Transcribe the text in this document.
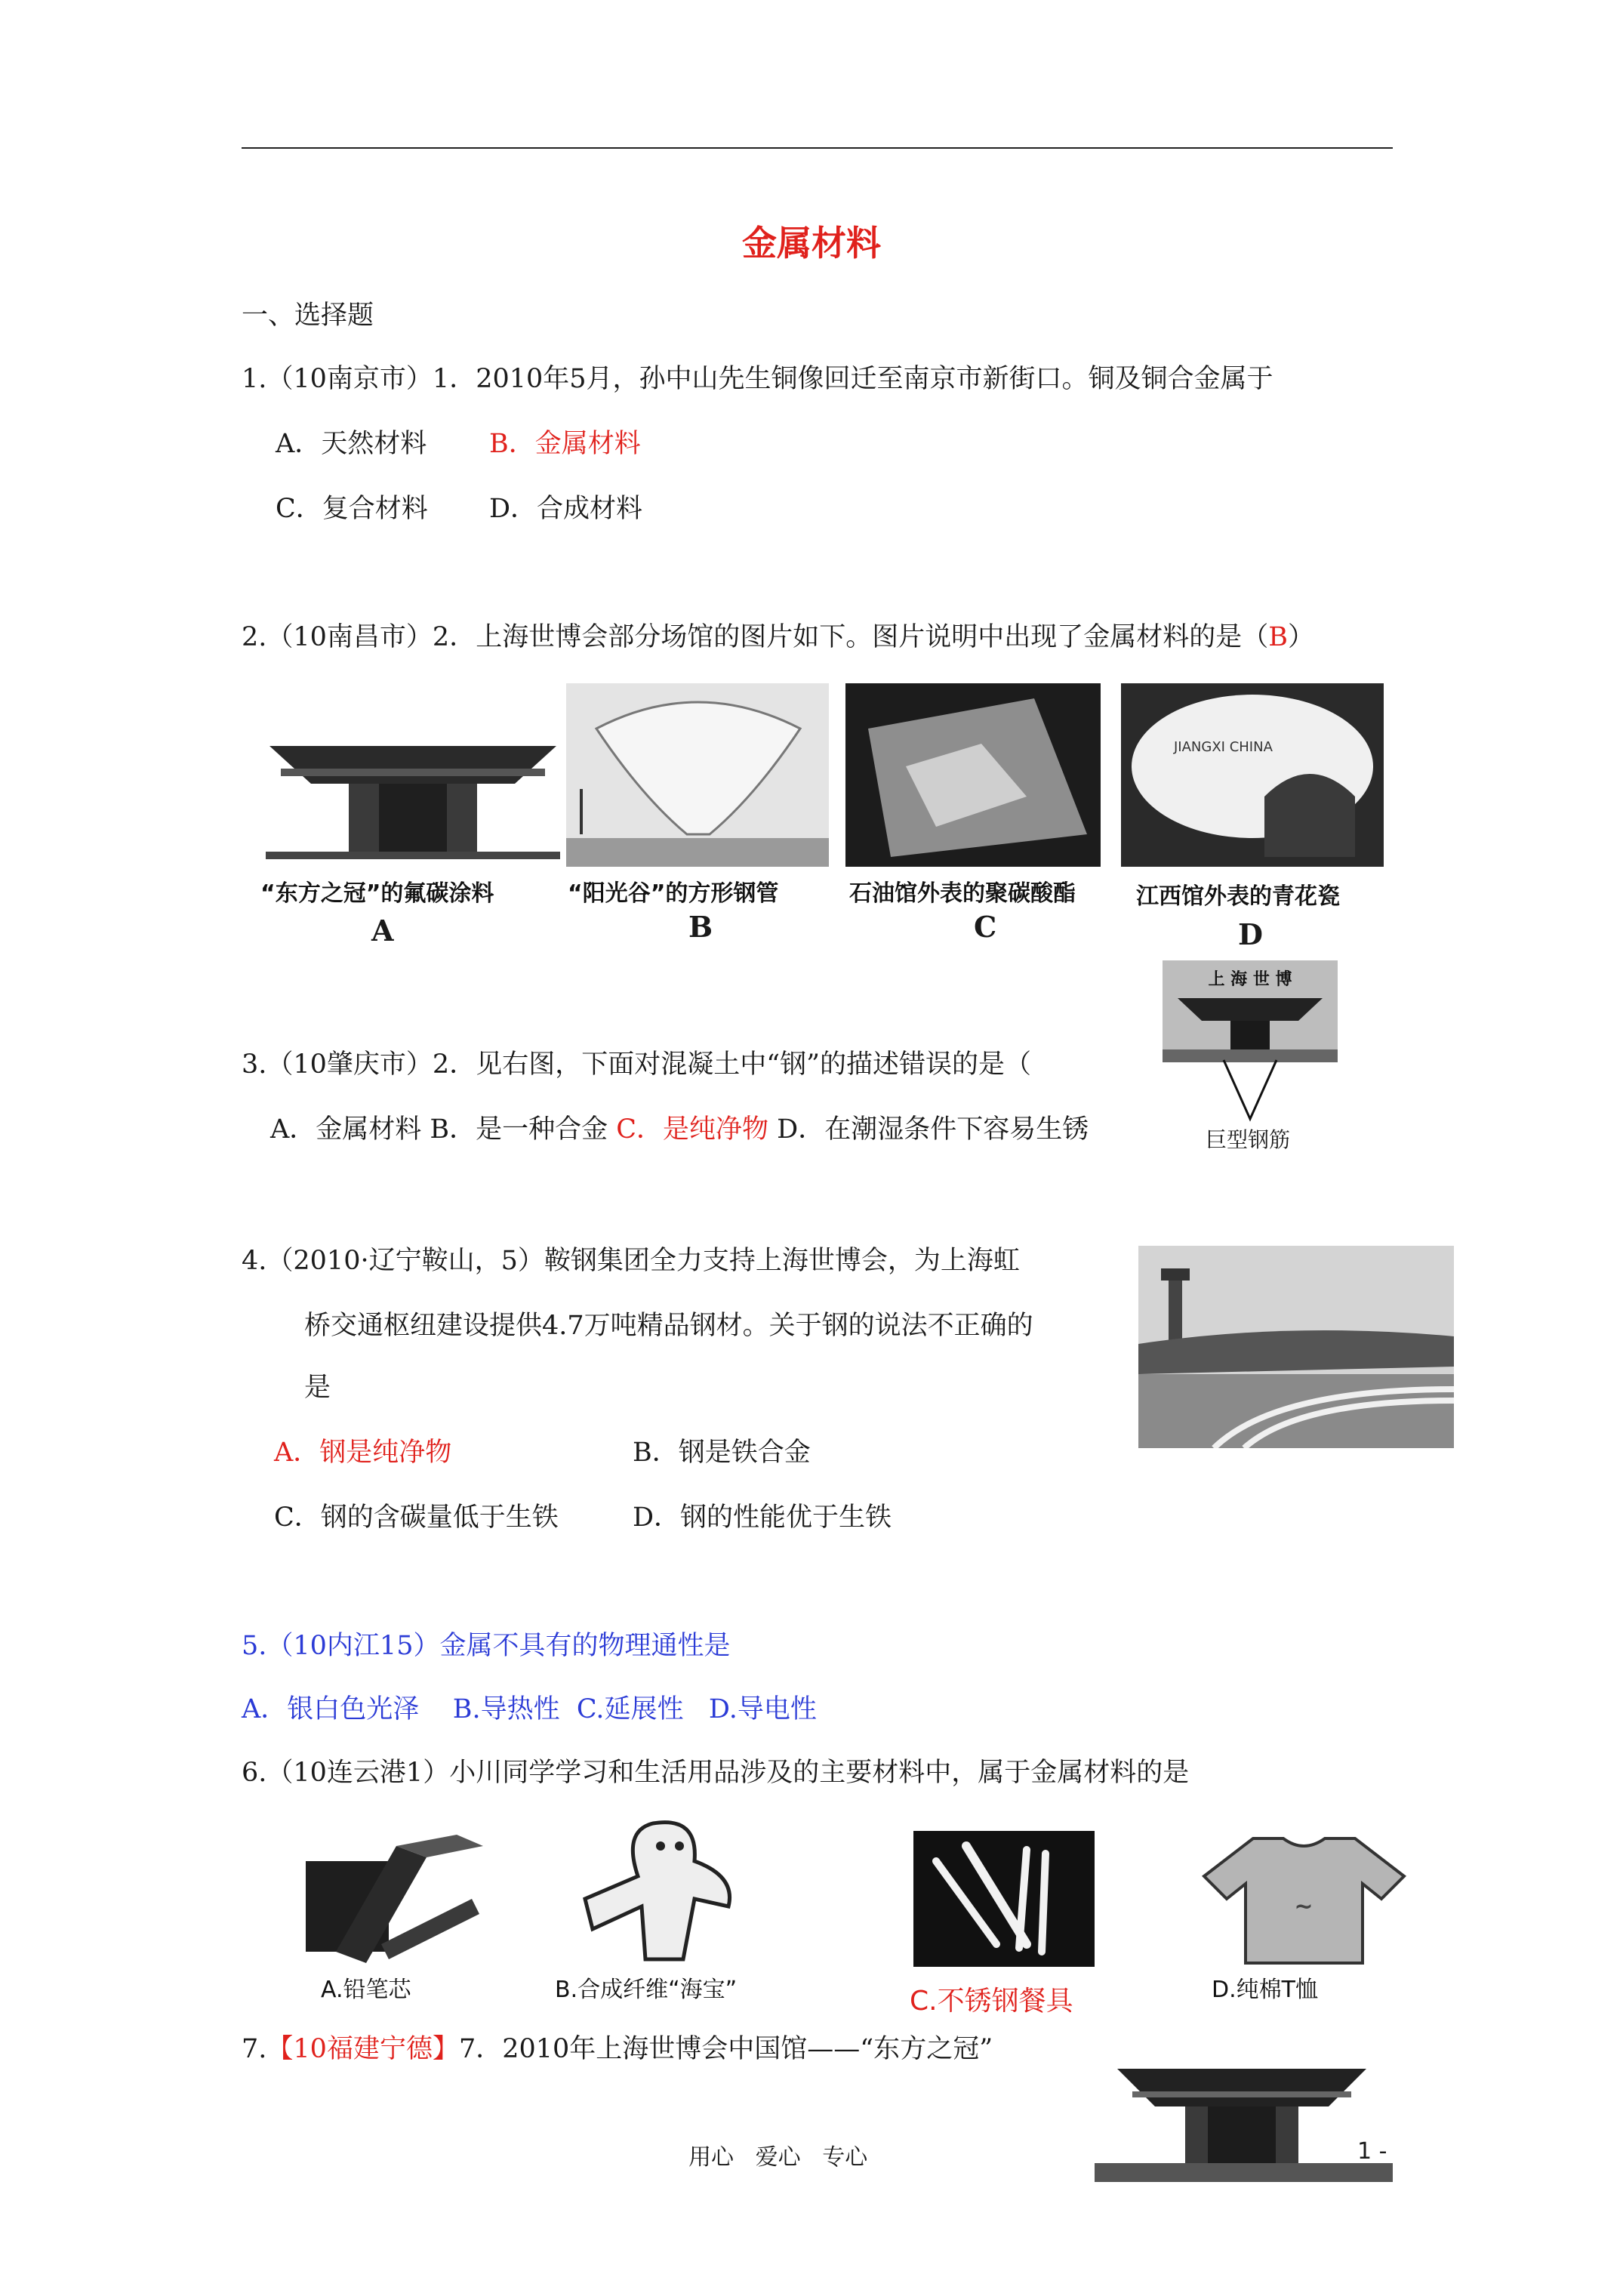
金属材料
一、选择题
1.（10南京市）1．2010年5月，孙中山先生铜像回迁至南京市新街口。铜及铜合金属于
A．天然材料 B．金属材料
C．复合材料 D．合成材料
2.（10南昌市）2．上海世博会部分场馆的图片如下。图片说明中出现了金属材料的是（B）
JIANGXI CHINA
“东方之冠”的氟碳涂料	“阳光谷”的方形钢管	石油馆外表的聚碳酸酯	江西馆外表的青花瓷
A	B	C	D
上 海 世 博
巨型钢筋
3.（10肇庆市）2．见右图，下面对混凝土中“钢”的描述错误的是（
A．金属材料 B．是一种合金 C．是纯净物 D．在潮湿条件下容易生锈
4.（2010·辽宁鞍山，5）鞍钢集团全力支持上海世博会，为上海虹
桥交通枢纽建设提供4.7万吨精品钢材。关于钢的说法不正确的
是
A．钢是纯净物	B．钢是铁合金
C．钢的含碳量低于生铁	D．钢的性能优于生铁
5.（10内江15）金属不具有的物理通性是
A．银白色光泽    B.导热性  C.延展性   D.导电性
6.（10连云港1）小川同学学习和生活用品涉及的主要材料中，属于金属材料的是
A.铅笔芯	B.合成纤维“海宝”	C.不锈钢餐具
~
D.纯棉T恤
7.【10福建宁德】7．2010年上海世博会中国馆——“东方之冠”
用心   爱心   专心	1 -
